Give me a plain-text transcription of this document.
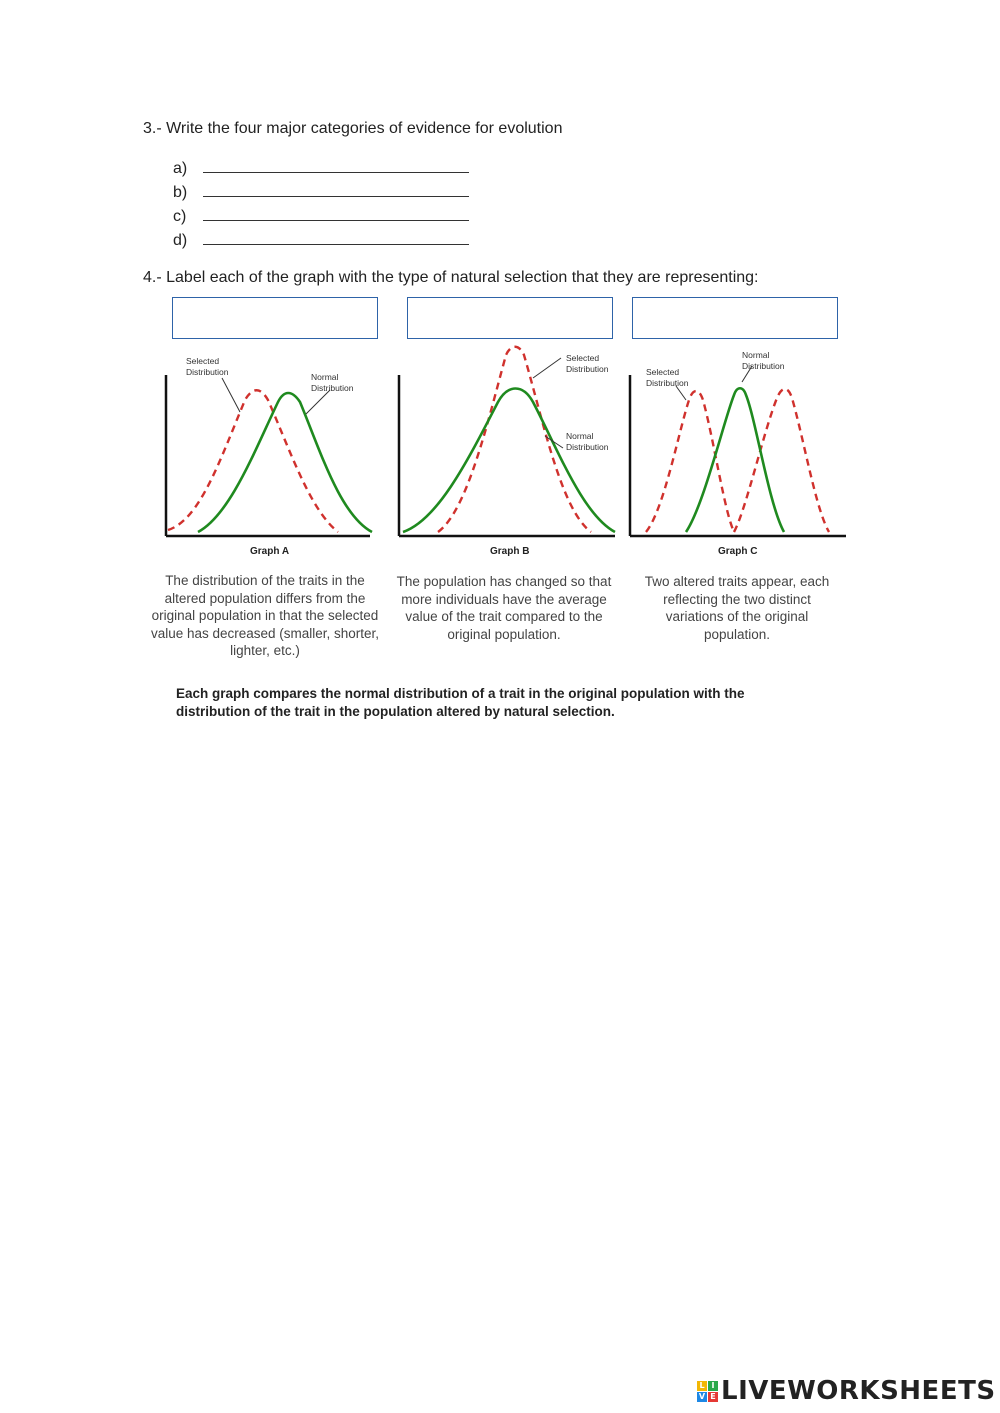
3.- Write the four major categories of evidence for evolution
a)
b)
c)
d)
4.- Label each of the graph with the type of natural selection that they are representing:
Selected Distribution	Normal Distribution
Graph A
The distribution of the traits in the altered population differs from the original population in that the selected value has decreased (smaller, shorter, lighter, etc.)
Selected Distribution
Normal Distribution
Graph B
The population has changed so that more individuals have the average value of the trait compared to the original population.
Selected Distribution
Normal Distribution
Graph C
Two altered traits appear, each reflecting the two distinct variations of the original population.
Each graph compares the normal distribution of a trait in the original population with the distribution of the trait in the population altered by natural selection.
L I
V E LIVEWORKSHEETS
